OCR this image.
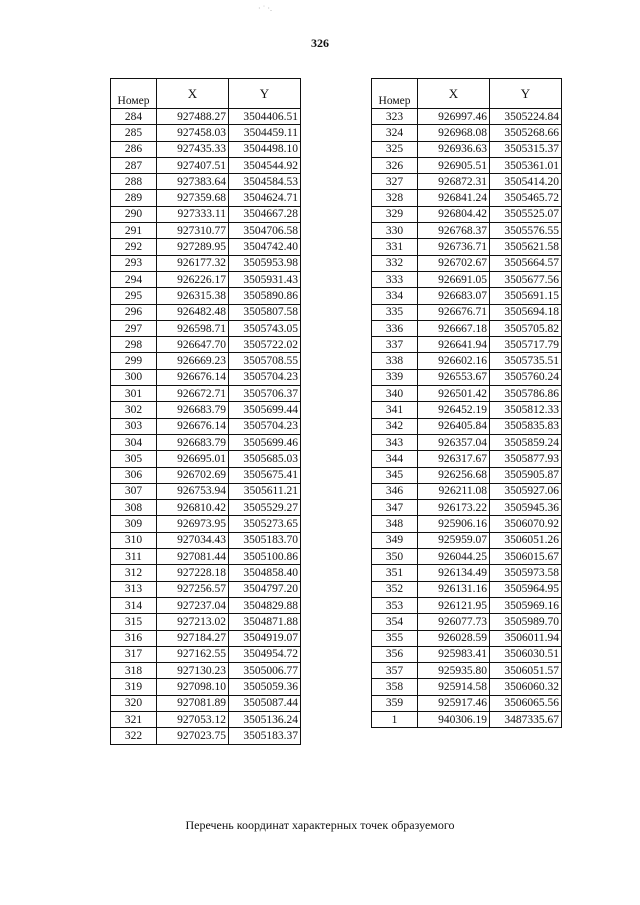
· ˙ ·.
326
Номер	X	Y
284	927488.27	3504406.51
285	927458.03	3504459.11
286	927435.33	3504498.10
287	927407.51	3504544.92
288	927383.64	3504584.53
289	927359.68	3504624.71
290	927333.11	3504667.28
291	927310.77	3504706.58
292	927289.95	3504742.40
293	926177.32	3505953.98
294	926226.17	3505931.43
295	926315.38	3505890.86
296	926482.48	3505807.58
297	926598.71	3505743.05
298	926647.70	3505722.02
299	926669.23	3505708.55
300	926676.14	3505704.23
301	926672.71	3505706.37
302	926683.79	3505699.44
303	926676.14	3505704.23
304	926683.79	3505699.46
305	926695.01	3505685.03
306	926702.69	3505675.41
307	926753.94	3505611.21
308	926810.42	3505529.27
309	926973.95	3505273.65
310	927034.43	3505183.70
311	927081.44	3505100.86
312	927228.18	3504858.40
313	927256.57	3504797.20
314	927237.04	3504829.88
315	927213.02	3504871.88
316	927184.27	3504919.07
317	927162.55	3504954.72
318	927130.23	3505006.77
319	927098.10	3505059.36
320	927081.89	3505087.44
321	927053.12	3505136.24
322	927023.75	3505183.37
Номер	X	Y
323	926997.46	3505224.84
324	926968.08	3505268.66
325	926936.63	3505315.37
326	926905.51	3505361.01
327	926872.31	3505414.20
328	926841.24	3505465.72
329	926804.42	3505525.07
330	926768.37	3505576.55
331	926736.71	3505621.58
332	926702.67	3505664.57
333	926691.05	3505677.56
334	926683.07	3505691.15
335	926676.71	3505694.18
336	926667.18	3505705.82
337	926641.94	3505717.79
338	926602.16	3505735.51
339	926553.67	3505760.24
340	926501.42	3505786.86
341	926452.19	3505812.33
342	926405.84	3505835.83
343	926357.04	3505859.24
344	926317.67	3505877.93
345	926256.68	3505905.87
346	926211.08	3505927.06
347	926173.22	3505945.36
348	925906.16	3506070.92
349	925959.07	3506051.26
350	926044.25	3506015.67
351	926134.49	3505973.58
352	926131.16	3505964.95
353	926121.95	3505969.16
354	926077.73	3505989.70
355	926028.59	3506011.94
356	925983.41	3506030.51
357	925935.80	3506051.57
358	925914.58	3506060.32
359	925917.46	3506065.56
1	940306.19	3487335.67
Перечень координат характерных точек образуемого
